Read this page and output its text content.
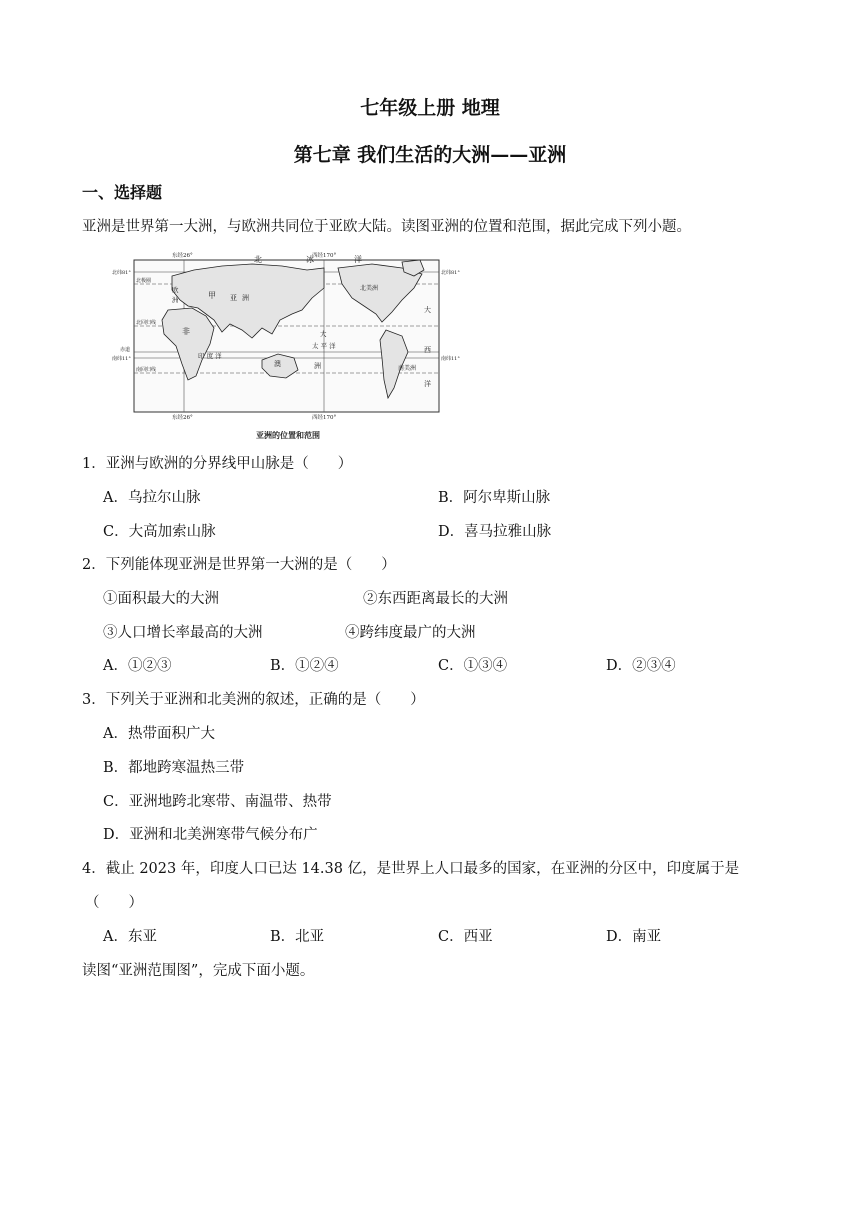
七年级上册 地理
第七章 我们生活的大洲——亚洲
一、选择题
亚洲是世界第一大洲，与欧洲共同位于亚欧大陆。读图亚洲的位置和范围，据此完成下列小题。
东经26°	西经170°
东经26°	西经170°
北纬81°	北纬81°
北极圈
北回归线
赤道
南纬11°	南纬11°
南回归线
北	冰	洋
甲
欧
洲
非
亚 洲
印 度 洋
大
太 平 洋
澳	洲
北美洲
大
西
洋
南美洲
亚洲的位置和范围
1．亚洲与欧洲的分界线甲山脉是（　　）
A．乌拉尔山脉	B．阿尔卑斯山脉
C．大高加索山脉	D．喜马拉雅山脉
2．下列能体现亚洲是世界第一大洲的是（　　）
①面积最大的大洲	②东西距离最长的大洲
③人口增长率最高的大洲	④跨纬度最广的大洲
A．①②③	B．①②④	C．①③④	D．②③④
3．下列关于亚洲和北美洲的叙述，正确的是（　　）
A．热带面积广大
B．都地跨寒温热三带
C．亚洲地跨北寒带、南温带、热带
D．亚洲和北美洲寒带气候分布广
4．截止 2023 年，印度人口已达 14.38 亿，是世界上人口最多的国家，在亚洲的分区中，印度属于是
（　　）
A．东亚	B．北亚	C．西亚	D．南亚
读图“亚洲范围图”，完成下面小题。
